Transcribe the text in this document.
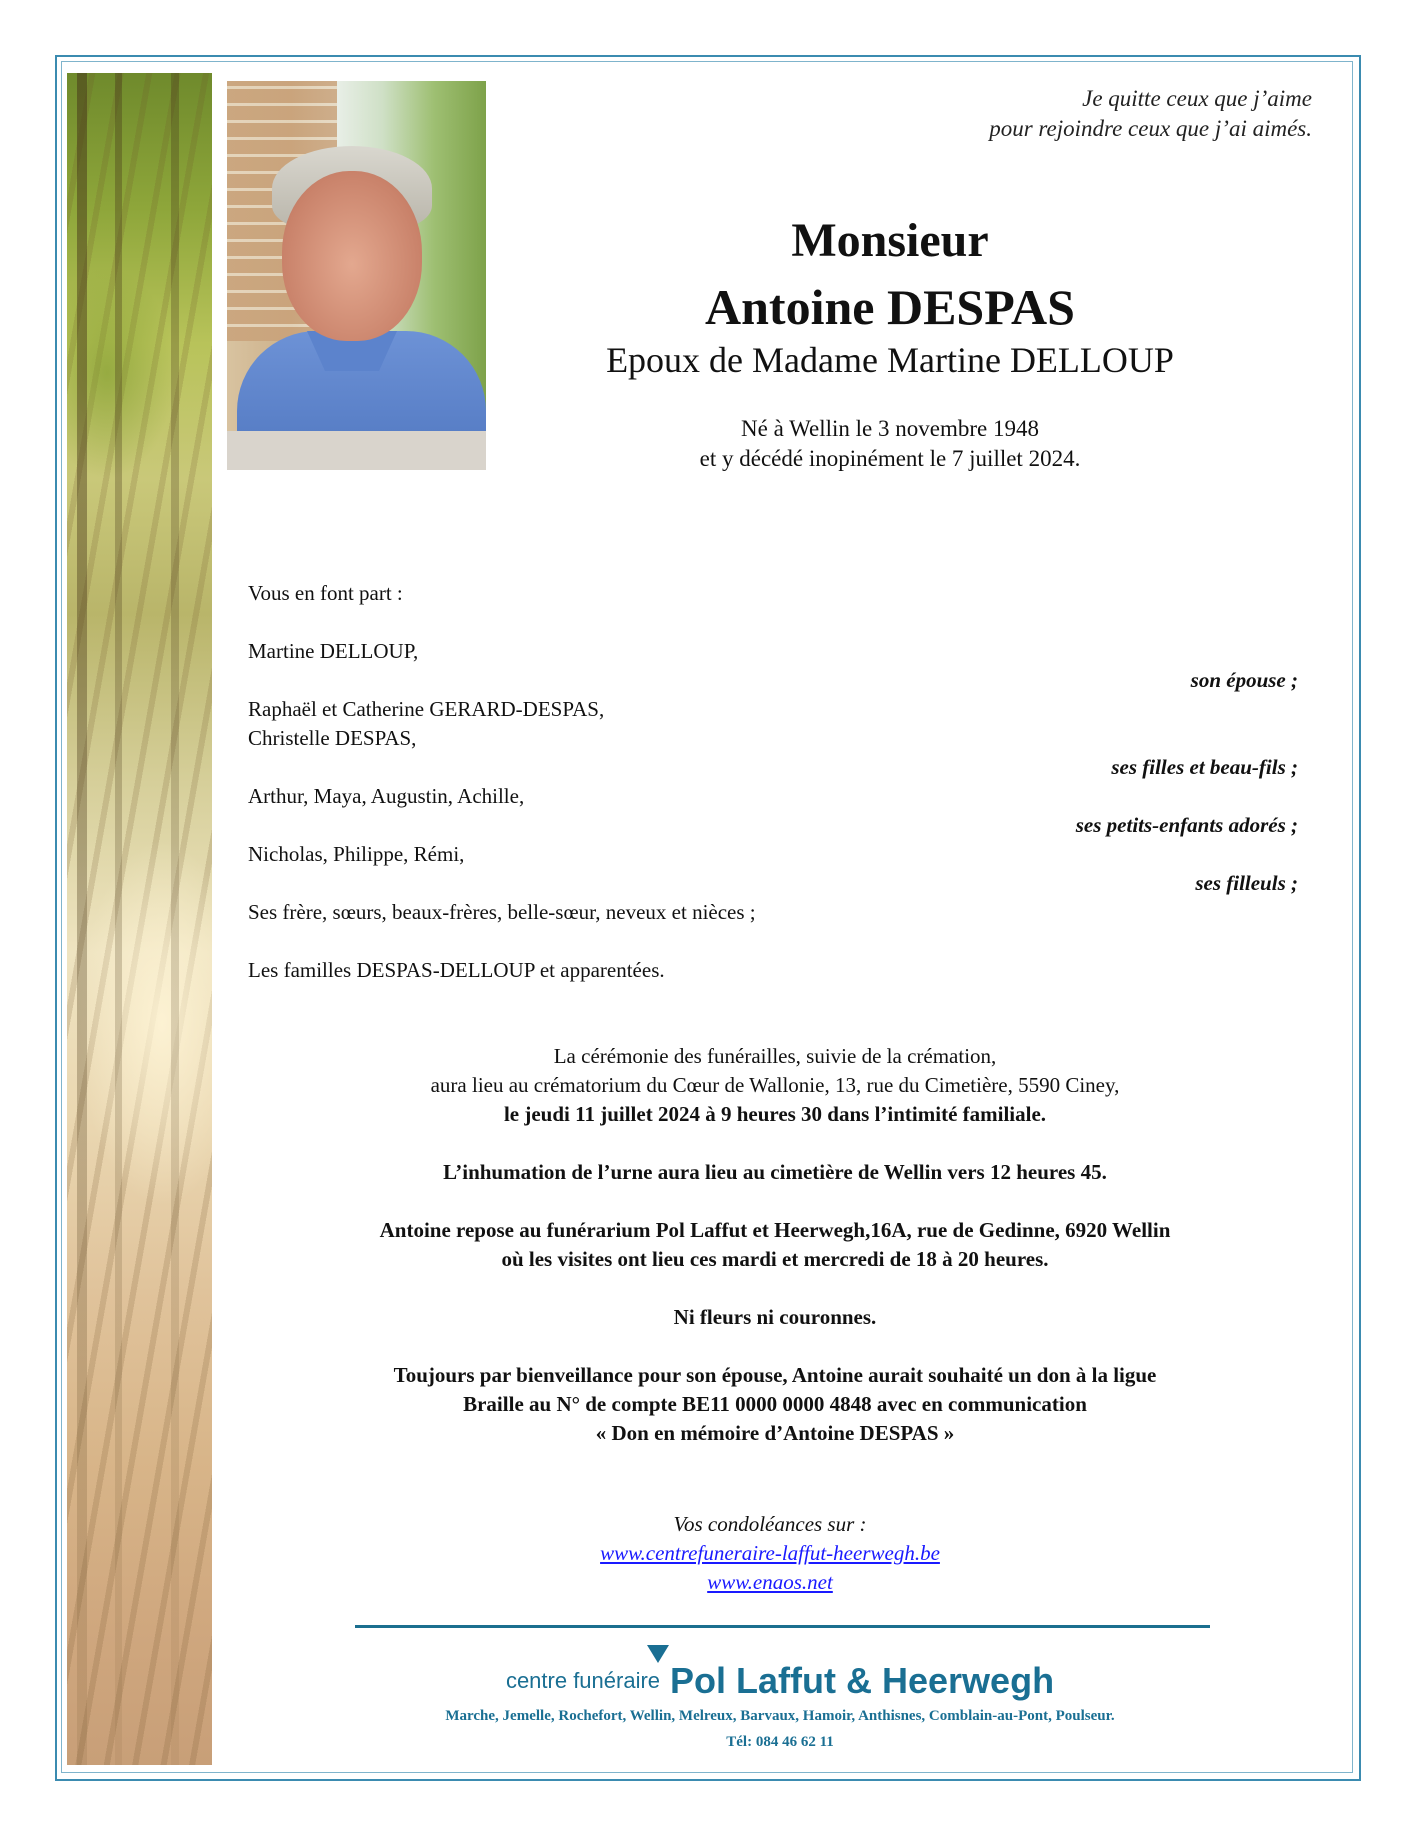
Je quitte ceux que j’aime
pour rejoindre ceux que j’ai aimés.
Monsieur
Antoine DESPAS
Epoux de Madame Martine DELLOUP
Né à Wellin le 3 novembre 1948
et y décédé inopinément le 7 juillet 2024.
Vous en font part :
Martine DELLOUP,
son épouse ;
Raphaël et Catherine GERARD-DESPAS,
Christelle DESPAS,
ses filles et beau-fils ;
Arthur, Maya, Augustin, Achille,
ses petits-enfants adorés ;
Nicholas, Philippe, Rémi,
ses filleuls ;
Ses frère, sœurs, beaux-frères, belle-sœur, neveux et nièces ;
Les familles DESPAS-DELLOUP et apparentées.
La cérémonie des funérailles, suivie de la crémation,
aura lieu au crématorium du Cœur de Wallonie, 13, rue du Cimetière, 5590 Ciney,
le jeudi 11 juillet 2024 à 9 heures 30 dans l’intimité familiale.
L’inhumation de l’urne aura lieu au cimetière de Wellin vers 12 heures 45.
Antoine repose au funérarium Pol Laffut et Heerwegh,16A, rue de Gedinne, 6920 Wellin
où les visites ont lieu ces mardi et mercredi de 18 à 20 heures.
Ni fleurs ni couronnes.
Toujours par bienveillance pour son épouse, Antoine aurait souhaité un don à la ligue
Braille au N° de compte BE11 0000 0000 4848 avec en communication
« Don en mémoire d’Antoine DESPAS »
Vos condoléances sur :
www.centrefuneraire-laffut-heerwegh.be
www.enaos.net
centre funéraire Pol Laffut & Heerwegh
Marche, Jemelle, Rochefort, Wellin, Melreux, Barvaux, Hamoir, Anthisnes, Comblain-au-Pont, Poulseur.
Tél: 084 46 62 11
